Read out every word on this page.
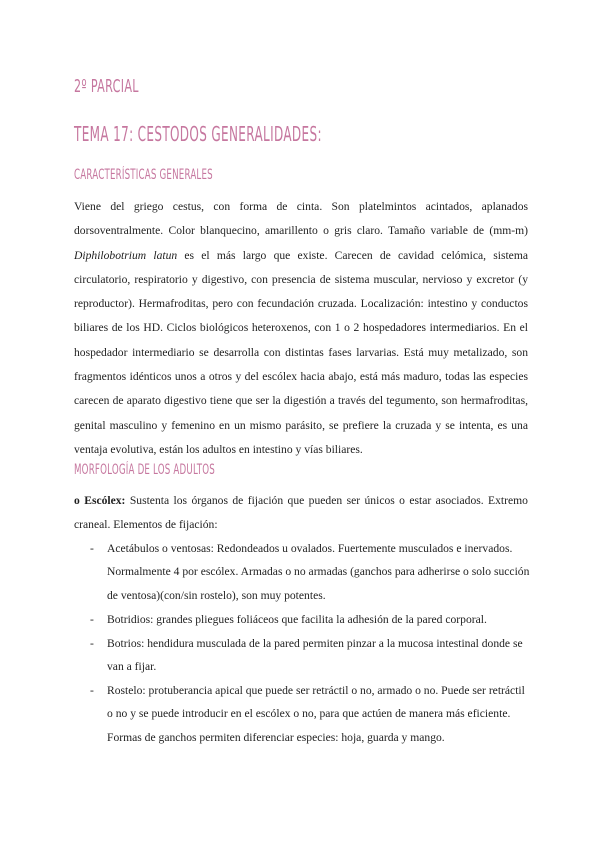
2º PARCIAL
TEMA 17: CESTODOS GENERALIDADES:
CARACTERÍSTICAS GENERALES

Viene del griego cestus, con forma de cinta. Son platelmintos acintados, aplanados dorsoventralmente. Color blanquecino, amarillento o gris claro. Tamaño variable de (mm-m) Diphilobotrium latun es el más largo que existe. Carecen de cavidad celómica, sistema circulatorio, respiratorio y digestivo, con presencia de sistema muscular, nervioso y excretor (y reproductor). Hermafroditas, pero con fecundación cruzada. Localización: intestino y conductos biliares de los HD. Ciclos biológicos heteroxenos, con 1 o 2 hospedadores intermediarios. En el hospedador intermediario se desarrolla con distintas fases larvarias. Está muy metalizado, son fragmentos idénticos unos a otros y del escólex hacia abajo, está más maduro, todas las especies carecen de aparato digestivo tiene que ser la digestión a través del tegumento, son hermafroditas, genital masculino y femenino en un mismo parásito, se prefiere la cruzada y se intenta, es una ventaja evolutiva, están los adultos en intestino y vías biliares.

MORFOLOGÍA DE LOS ADULTOS

o Escólex: Sustenta los órganos de fijación que pueden ser únicos o estar asociados. Extremo craneal. Elementos de fijación:

- Acetábulos o ventosas: Redondeados u ovalados. Fuertemente musculados e inervados. Normalmente 4 por escólex. Armadas o no armadas (ganchos para adherirse o solo succión de ventosa)(con/sin rostelo), son muy potentes.
- Botridios: grandes pliegues foliáceos que facilita la adhesión de la pared corporal.
- Botrios: hendidura musculada de la pared permiten pinzar a la mucosa intestinal donde se van a fijar.
- Rostelo: protuberancia apical que puede ser retráctil o no, armado o no. Puede ser retráctil o no y se puede introducir en el escólex o no, para que actúen de manera más eficiente. Formas de ganchos permiten diferenciar especies: hoja, guarda y mango.
